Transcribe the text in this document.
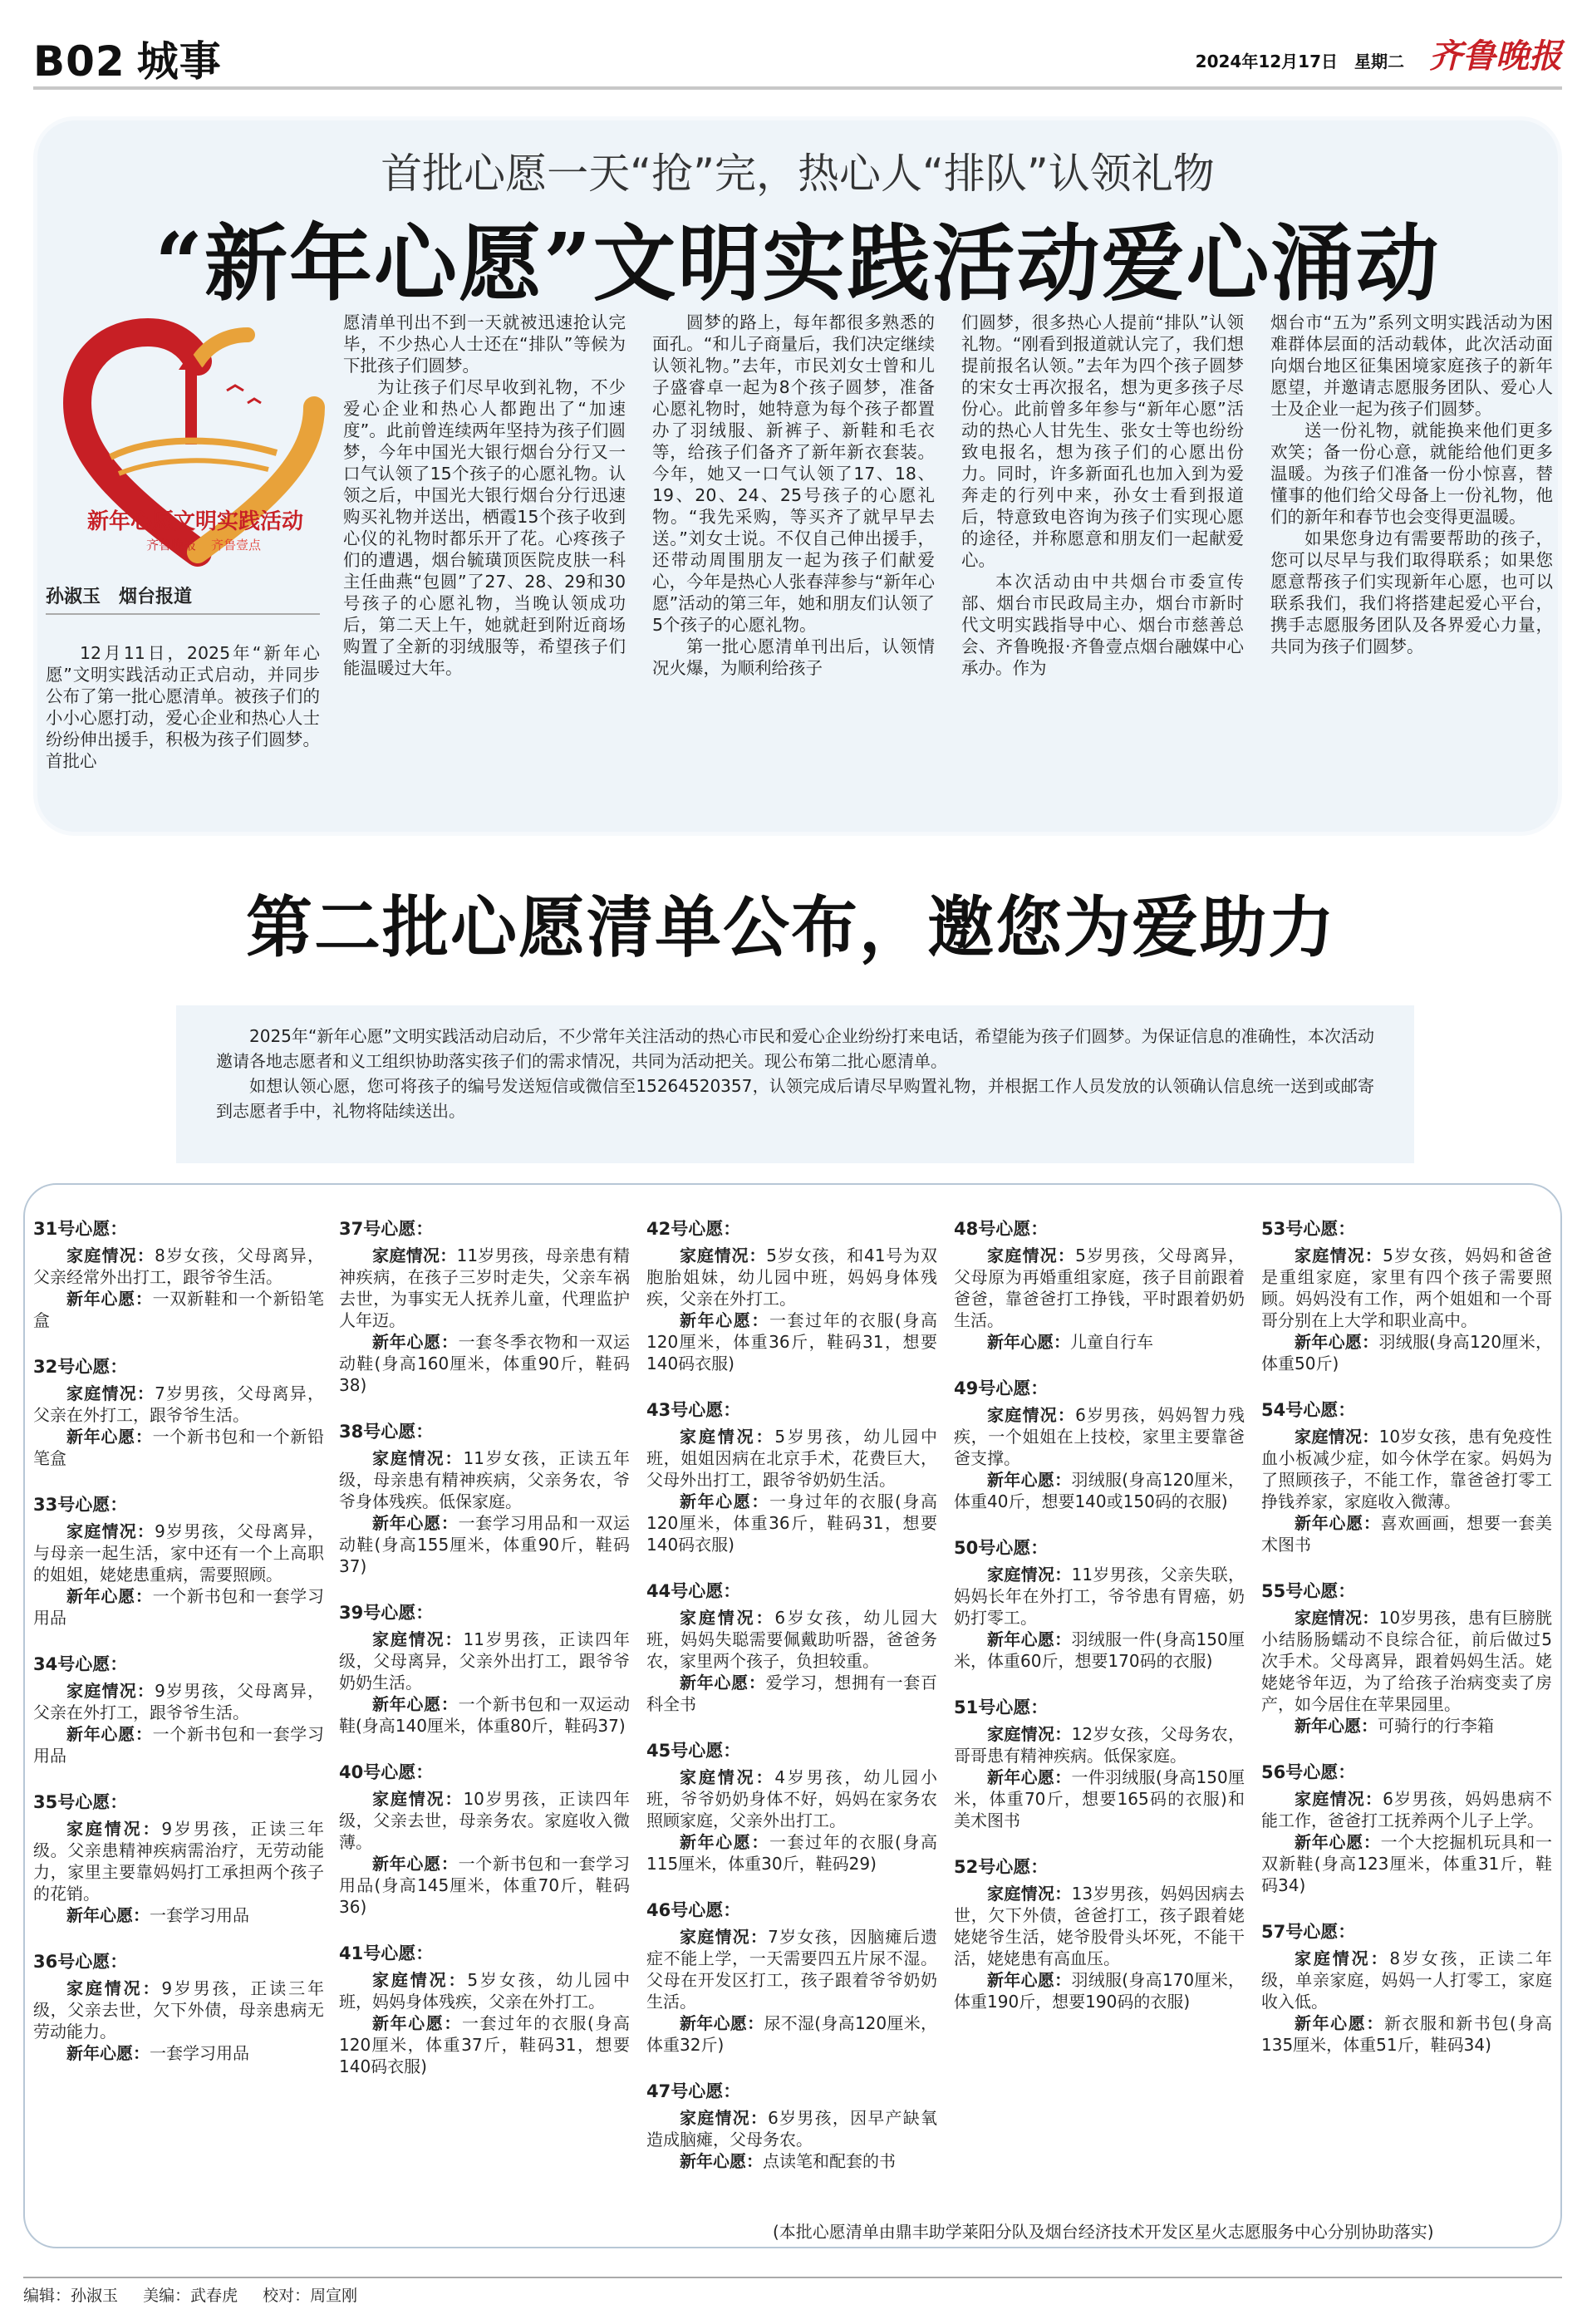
B02 城事	2024年12月17日 星期二 齐鲁晚报
首批心愿一天“抢”完，热心人“排队”认领礼物
“新年心愿”文明实践活动爱心涌动
新年心愿文明实践活动
齐鲁晚报 齐鲁壹点
孙淑玉 烟台报道

12月11日，2025年“新年心愿”文明实践活动正式启动，并同步公布了第一批心愿清单。被孩子们的小小心愿打动，爱心企业和热心人士纷纷伸出援手，积极为孩子们圆梦。首批心

愿清单刊出不到一天就被迅速抢认完毕，不少热心人士还在“排队”等候为下批孩子们圆梦。

为让孩子们尽早收到礼物，不少爱心企业和热心人都跑出了“加速度”。此前曾连续两年坚持为孩子们圆梦，今年中国光大银行烟台分行又一口气认领了15个孩子的心愿礼物。认领之后，中国光大银行烟台分行迅速购买礼物并送出，栖霞15个孩子收到心仪的礼物时都乐开了花。心疼孩子们的遭遇，烟台毓璜顶医院皮肤一科主任曲燕“包圆”了27、28、29和30号孩子的心愿礼物，当晚认领成功后，第二天上午，她就赶到附近商场购置了全新的羽绒服等，希望孩子们能温暖过大年。

圆梦的路上，每年都很多熟悉的面孔。“和儿子商量后，我们决定继续认领礼物。”去年，市民刘女士曾和儿子盛睿卓一起为8个孩子圆梦，准备心愿礼物时，她特意为每个孩子都置办了羽绒服、新裤子、新鞋和毛衣等，给孩子们备齐了新年新衣套装。今年，她又一口气认领了17、18、19、20、24、25号孩子的心愿礼物。“我先采购，等买齐了就早早去送。”刘女士说。不仅自己伸出援手，还带动周围朋友一起为孩子们献爱心，今年是热心人张春萍参与“新年心愿”活动的第三年，她和朋友们认领了5个孩子的心愿礼物。

第一批心愿清单刊出后，认领情况火爆，为顺利给孩子

们圆梦，很多热心人提前“排队”认领礼物。“刚看到报道就认完了，我们想提前报名认领。”去年为四个孩子圆梦的宋女士再次报名，想为更多孩子尽份心。此前曾多年参与“新年心愿”活动的热心人甘先生、张女士等也纷纷致电报名，想为孩子们的心愿出份力。同时，许多新面孔也加入到为爱奔走的行列中来，孙女士看到报道后，特意致电咨询为孩子们实现心愿的途径，并称愿意和朋友们一起献爱心。

本次活动由中共烟台市委宣传部、烟台市民政局主办，烟台市新时代文明实践指导中心、烟台市慈善总会、齐鲁晚报·齐鲁壹点烟台融媒中心承办。作为

烟台市“五为”系列文明实践活动为困难群体层面的活动载体，此次活动面向烟台地区征集困境家庭孩子的新年愿望，并邀请志愿服务团队、爱心人士及企业一起为孩子们圆梦。

送一份礼物，就能换来他们更多欢笑；备一份心意，就能给他们更多温暖。为孩子们准备一份小惊喜，替懂事的他们给父母备上一份礼物，他们的新年和春节也会变得更温暖。

如果您身边有需要帮助的孩子，您可以尽早与我们取得联系；如果您愿意帮孩子们实现新年心愿，也可以联系我们，我们将搭建起爱心平台，携手志愿服务团队及各界爱心力量，共同为孩子们圆梦。

第二批心愿清单公布，邀您为爱助力

2025年“新年心愿”文明实践活动启动后，不少常年关注活动的热心市民和爱心企业纷纷打来电话，希望能为孩子们圆梦。为保证信息的准确性，本次活动邀请各地志愿者和义工组织协助落实孩子们的需求情况，共同为活动把关。现公布第二批心愿清单。

如想认领心愿，您可将孩子的编号发送短信或微信至15264520357，认领完成后请尽早购置礼物，并根据工作人员发放的认领确认信息统一送到或邮寄到志愿者手中，礼物将陆续送出。

31号心愿：
家庭情况：8岁女孩，父母离异，父亲经常外出打工，跟爷爷生活。
新年心愿：一双新鞋和一个新铅笔盒
32号心愿：
家庭情况：7岁男孩，父母离异，父亲在外打工，跟爷爷生活。
新年心愿：一个新书包和一个新铅笔盒
33号心愿：
家庭情况：9岁男孩，父母离异，与母亲一起生活，家中还有一个上高职的姐姐，姥姥患重病，需要照顾。
新年心愿：一个新书包和一套学习用品
34号心愿：
家庭情况：9岁男孩，父母离异，父亲在外打工，跟爷爷生活。
新年心愿：一个新书包和一套学习用品
35号心愿：
家庭情况：9岁男孩，正读三年级。父亲患精神疾病需治疗，无劳动能力，家里主要靠妈妈打工承担两个孩子的花销。
新年心愿：一套学习用品
36号心愿：
家庭情况：9岁男孩，正读三年级，父亲去世，欠下外债，母亲患病无劳动能力。
新年心愿：一套学习用品
37号心愿：
家庭情况：11岁男孩，母亲患有精神疾病，在孩子三岁时走失，父亲车祸去世，为事实无人抚养儿童，代理监护人年迈。
新年心愿：一套冬季衣物和一双运动鞋(身高160厘米，体重90斤，鞋码38)
38号心愿：
家庭情况：11岁女孩，正读五年级，母亲患有精神疾病，父亲务农，爷爷身体残疾。低保家庭。
新年心愿：一套学习用品和一双运动鞋(身高155厘米，体重90斤，鞋码37)
39号心愿：
家庭情况：11岁男孩，正读四年级，父母离异，父亲外出打工，跟爷爷奶奶生活。
新年心愿：一个新书包和一双运动鞋(身高140厘米，体重80斤，鞋码37)
40号心愿：
家庭情况：10岁男孩，正读四年级，父亲去世，母亲务农。家庭收入微薄。
新年心愿：一个新书包和一套学习用品(身高145厘米，体重70斤，鞋码36)
41号心愿：
家庭情况：5岁女孩，幼儿园中班，妈妈身体残疾，父亲在外打工。
新年心愿：一套过年的衣服(身高120厘米，体重37斤，鞋码31，想要140码衣服)
42号心愿：
家庭情况：5岁女孩，和41号为双胞胎姐妹，幼儿园中班，妈妈身体残疾，父亲在外打工。
新年心愿：一套过年的衣服(身高120厘米，体重36斤，鞋码31，想要140码衣服)
43号心愿：
家庭情况：5岁男孩，幼儿园中班，姐姐因病在北京手术，花费巨大，父母外出打工，跟爷爷奶奶生活。
新年心愿：一身过年的衣服(身高120厘米，体重36斤，鞋码31，想要140码衣服)
44号心愿：
家庭情况：6岁女孩，幼儿园大班，妈妈失聪需要佩戴助听器，爸爸务农，家里两个孩子，负担较重。
新年心愿：爱学习，想拥有一套百科全书
45号心愿：
家庭情况：4岁男孩，幼儿园小班，爷爷奶奶身体不好，妈妈在家务农照顾家庭，父亲外出打工。
新年心愿：一套过年的衣服(身高115厘米，体重30斤，鞋码29)
46号心愿：
家庭情况：7岁女孩，因脑瘫后遗症不能上学，一天需要四五片尿不湿。父母在开发区打工，孩子跟着爷爷奶奶生活。
新年心愿：尿不湿(身高120厘米，体重32斤)
47号心愿：
家庭情况：6岁男孩，因早产缺氧造成脑瘫，父母务农。
新年心愿：点读笔和配套的书
48号心愿：
家庭情况：5岁男孩，父母离异，父母原为再婚重组家庭，孩子目前跟着爸爸，靠爸爸打工挣钱，平时跟着奶奶生活。
新年心愿：儿童自行车
49号心愿：
家庭情况：6岁男孩，妈妈智力残疾，一个姐姐在上技校，家里主要靠爸爸支撑。
新年心愿：羽绒服(身高120厘米，体重40斤，想要140或150码的衣服)
50号心愿：
家庭情况：11岁男孩，父亲失联，妈妈长年在外打工，爷爷患有胃癌，奶奶打零工。
新年心愿：羽绒服一件(身高150厘米，体重60斤，想要170码的衣服)
51号心愿：
家庭情况：12岁女孩，父母务农，哥哥患有精神疾病。低保家庭。
新年心愿：一件羽绒服(身高150厘米，体重70斤，想要165码的衣服)和美术图书
52号心愿：
家庭情况：13岁男孩，妈妈因病去世，欠下外债，爸爸打工，孩子跟着姥姥姥爷生活，姥爷股骨头坏死，不能干活，姥姥患有高血压。
新年心愿：羽绒服(身高170厘米，体重190斤，想要190码的衣服)
53号心愿：
家庭情况：5岁女孩，妈妈和爸爸是重组家庭，家里有四个孩子需要照顾。妈妈没有工作，两个姐姐和一个哥哥分别在上大学和职业高中。
新年心愿：羽绒服(身高120厘米，体重50斤)
54号心愿：
家庭情况：10岁女孩，患有免疫性血小板减少症，如今休学在家。妈妈为了照顾孩子，不能工作，靠爸爸打零工挣钱养家，家庭收入微薄。
新年心愿：喜欢画画，想要一套美术图书
55号心愿：
家庭情况：10岁男孩，患有巨膀胱小结肠肠蠕动不良综合征，前后做过5次手术。父母离异，跟着妈妈生活。姥姥姥爷年迈，为了给孩子治病变卖了房产，如今居住在苹果园里。
新年心愿：可骑行的行李箱
56号心愿：
家庭情况：6岁男孩，妈妈患病不能工作，爸爸打工抚养两个儿子上学。
新年心愿：一个大挖掘机玩具和一双新鞋(身高123厘米，体重31斤，鞋码34)
57号心愿：
家庭情况：8岁女孩，正读二年级，单亲家庭，妈妈一人打零工，家庭收入低。
新年心愿：新衣服和新书包(身高135厘米，体重51斤，鞋码34)
(本批心愿清单由鼎丰助学莱阳分队及烟台经济技术开发区星火志愿服务中心分别协助落实)
编辑：孙淑玉 美编：武春虎 校对：周宣刚
